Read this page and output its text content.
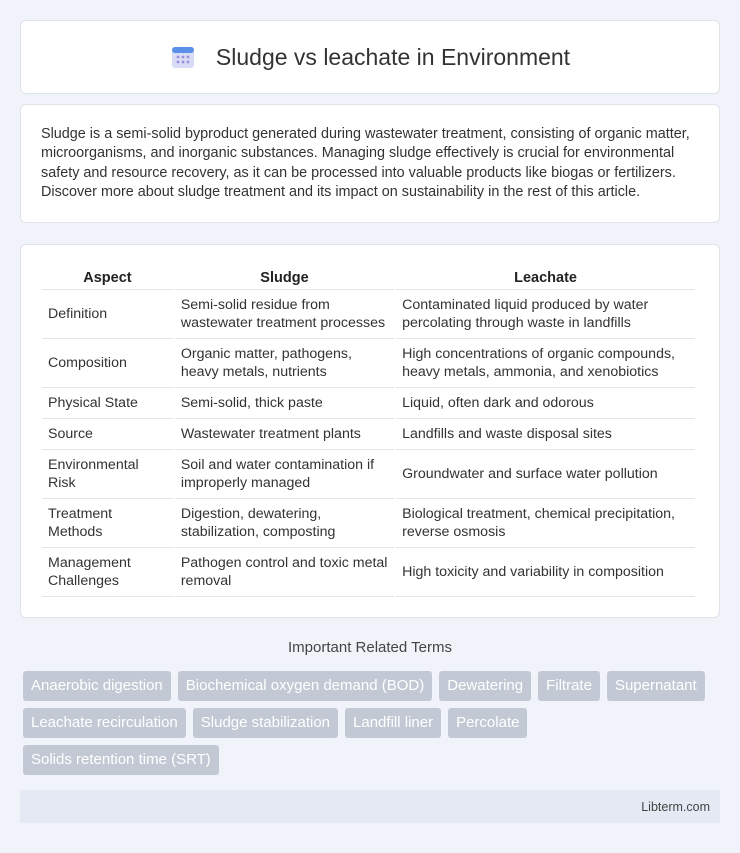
Sludge vs leachate in Environment

Sludge is a semi-solid byproduct generated during wastewater treatment, consisting of organic matter, microorganisms, and inorganic substances. Managing sludge effectively is crucial for environmental safety and resource recovery, as it can be processed into valuable products like biogas or fertilizers. Discover more about sludge treatment and its impact on sustainability in the rest of this article.

Aspect	Sludge	Leachate
Definition	Semi-solid residue from wastewater treatment processes	Contaminated liquid produced by water percolating through waste in landfills
Composition	Organic matter, pathogens, heavy metals, nutrients	High concentrations of organic compounds, heavy metals, ammonia, and xenobiotics
Physical State	Semi-solid, thick paste	Liquid, often dark and odorous
Source	Wastewater treatment plants	Landfills and waste disposal sites
Environmental Risk	Soil and water contamination if improperly managed	Groundwater and surface water pollution
Treatment Methods	Digestion, dewatering, stabilization, composting	Biological treatment, chemical precipitation, reverse osmosis
Management Challenges	Pathogen control and toxic metal removal	High toxicity and variability in composition
Important Related Terms
Anaerobic digestion	Biochemical oxygen demand (BOD)	Dewatering	Filtrate	Supernatant
Leachate recirculation	Sludge stabilization	Landfill liner	Percolate
Solids retention time (SRT)
Libterm.com
